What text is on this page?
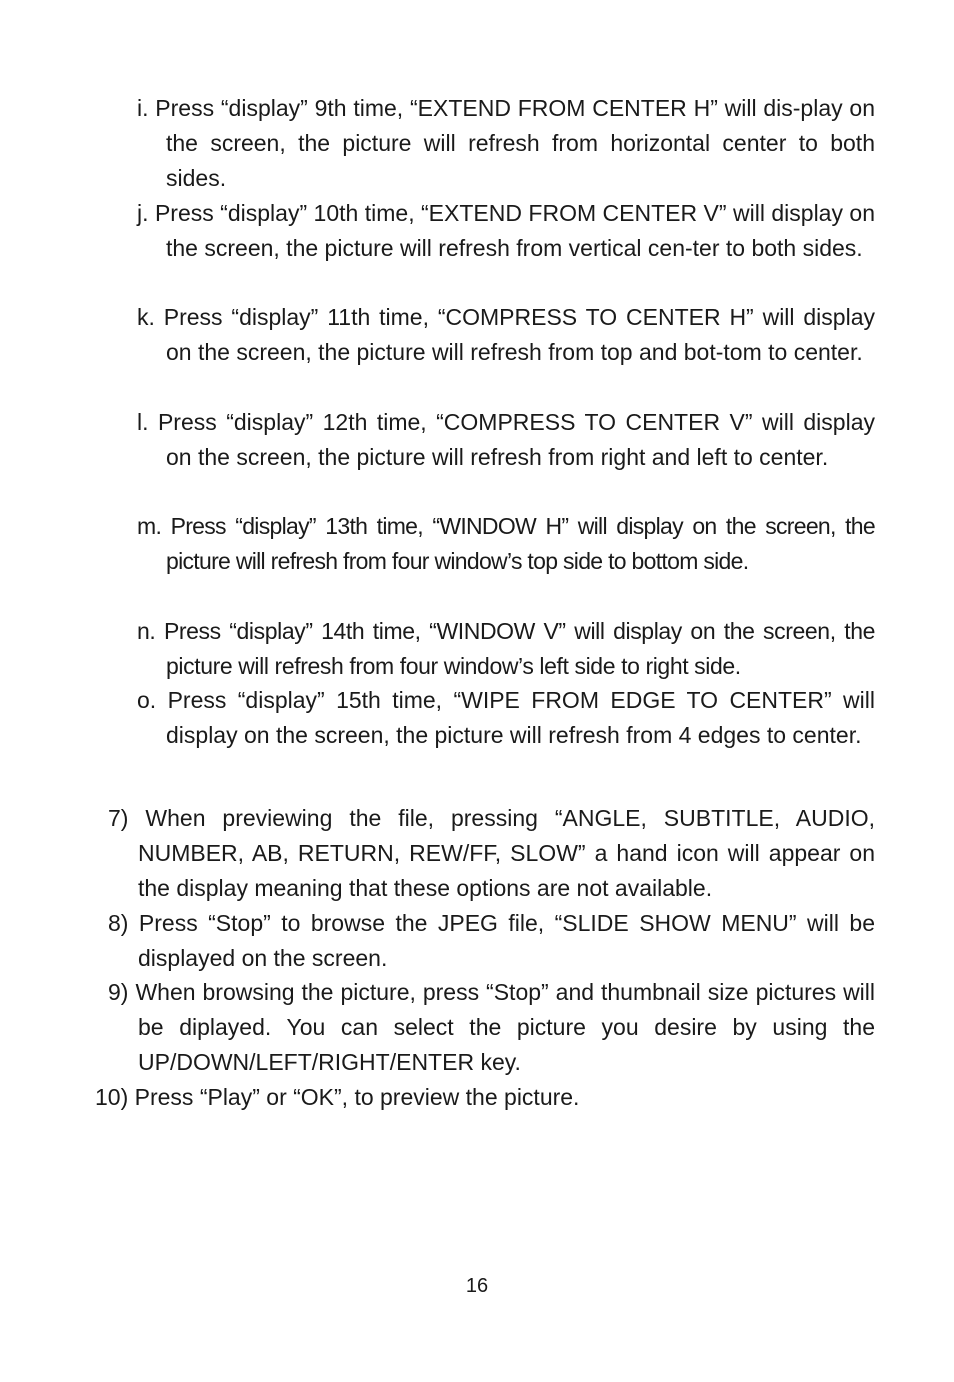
i. Press “display” 9th time, “EXTEND FROM CENTER H” will dis-play on the screen, the picture will refresh from horizontal center to both sides.
j. Press “display” 10th time, “EXTEND FROM CENTER V” will display on the screen, the picture will refresh from vertical cen-ter to both sides.
k. Press “display” 11th time, “COMPRESS TO CENTER H” will display on the screen, the picture will refresh from top and bot-tom to center.
l. Press “display” 12th time, “COMPRESS TO CENTER V” will display on the screen, the picture will refresh from right and left to center.
m. Press “display” 13th time, “WINDOW H” will display on the screen, the picture will refresh from four window’s top side to bottom side.
n. Press “display” 14th time, “WINDOW V” will display on the screen, the picture will refresh from four window’s left side to right side.
o. Press “display” 15th time, “WIPE FROM EDGE TO CENTER” will display on the screen, the picture will refresh from 4 edges to center.
7) When previewing the file, pressing “ANGLE, SUBTITLE, AUDIO, NUMBER, AB, RETURN, REW/FF, SLOW” a hand icon will appear on the display meaning that these options are not available.
8) Press “Stop” to browse the JPEG file, “SLIDE SHOW MENU” will be displayed on the screen.
9) When browsing the picture, press “Stop” and thumbnail size pictures will be diplayed. You can select the picture you desire by using the UP/DOWN/LEFT/RIGHT/ENTER key.
10) Press “Play” or “OK”, to preview the picture.
16
